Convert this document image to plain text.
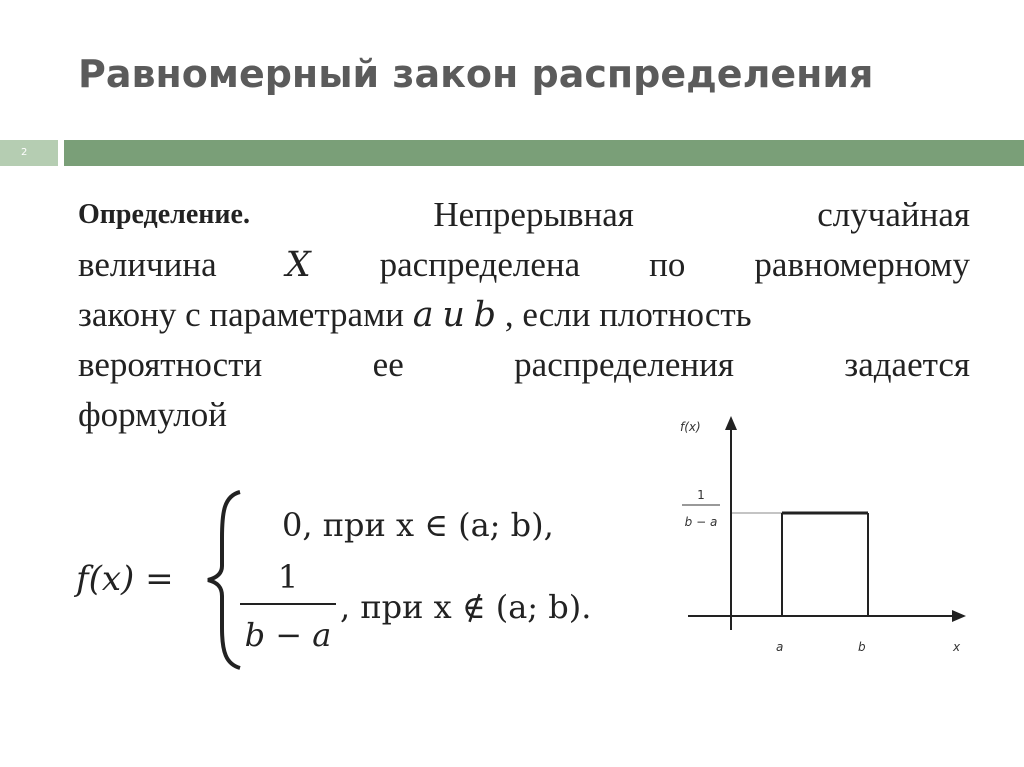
Равномерный закон распределения
2
Определение.	Непрерывная	случайная
величина X распределена по равномерному
закону с параметрами a и b , если плотность
вероятности	ее	распределения	задается
формулой
f(x) =
0, при x ∈ (a; b),
1
b − a
, при x ∉ (a; b).
f(x)
1
b − a
a	b	x
